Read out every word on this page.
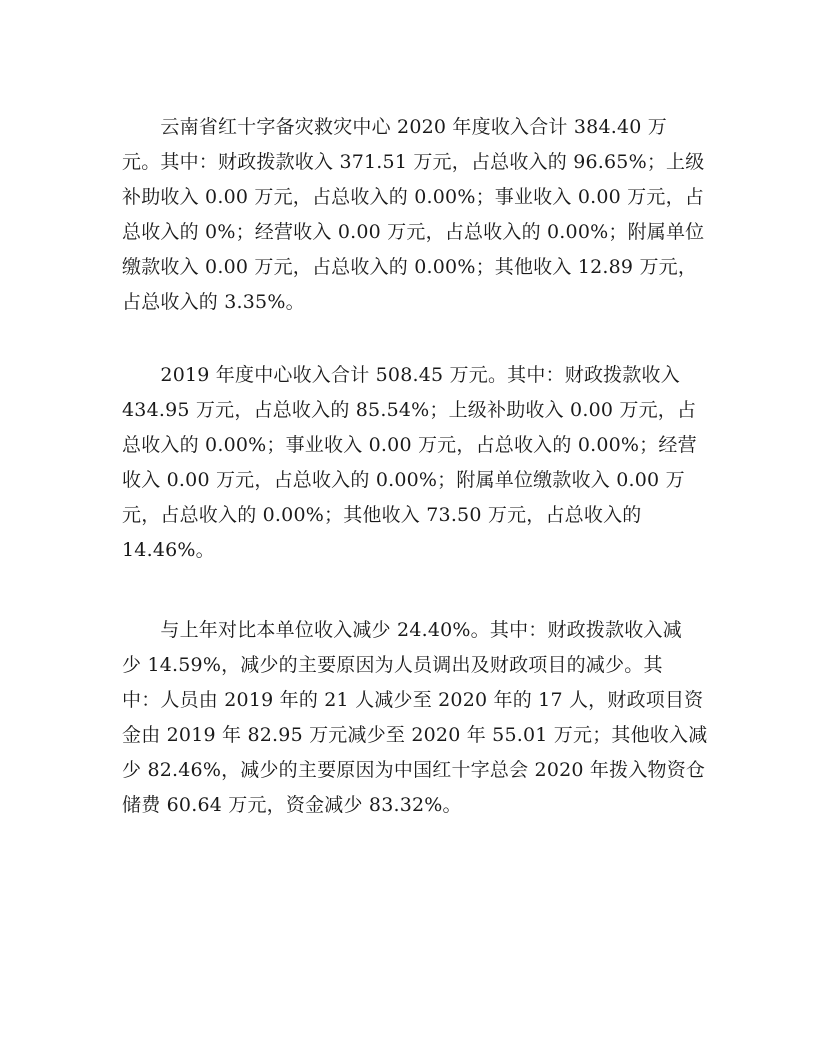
　　云南省红十字备灾救灾中心 2020 年度收入合计 384.40 万
元。其中：财政拨款收入 371.51 万元，占总收入的 96.65%；上级
补助收入 0.00 万元，占总收入的 0.00%；事业收入 0.00 万元，占
总收入的 0%；经营收入 0.00 万元，占总收入的 0.00%；附属单位
缴款收入 0.00 万元，占总收入的 0.00%；其他收入 12.89 万元，
占总收入的 3.35%。

　　2019 年度中心收入合计 508.45 万元。其中：财政拨款收入
434.95 万元，占总收入的 85.54%；上级补助收入 0.00 万元，占
总收入的 0.00%；事业收入 0.00 万元，占总收入的 0.00%；经营
收入 0.00 万元，占总收入的 0.00%；附属单位缴款收入 0.00 万
元，占总收入的 0.00%；其他收入 73.50 万元，占总收入的
14.46%。

　　与上年对比本单位收入减少 24.40%。其中：财政拨款收入减
少 14.59%，减少的主要原因为人员调出及财政项目的减少。其
中：人员由 2019 年的 21 人减少至 2020 年的 17 人，财政项目资
金由 2019 年 82.95 万元减少至 2020 年 55.01 万元；其他收入减
少 82.46%，减少的主要原因为中国红十字总会 2020 年拨入物资仓
储费 60.64 万元，资金减少 83.32%。
